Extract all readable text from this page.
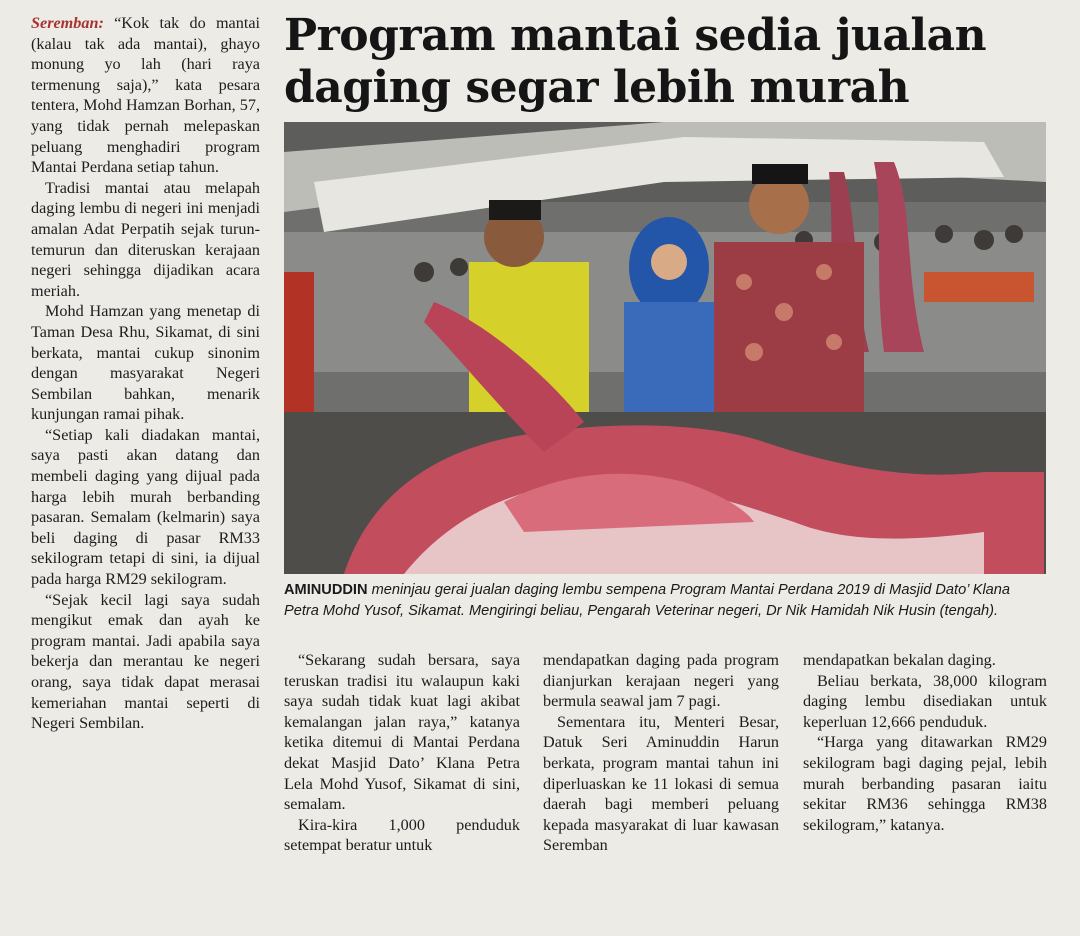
Seremban: “Kok tak do mantai (kalau tak ada mantai), ghayo monung yo lah (hari raya termenung saja),” kata pesara tentera, Mohd Hamzan Borhan, 57, yang tidak pernah melepaskan peluang menghadiri program Mantai Perdana setiap tahun.

Tradisi mantai atau melapah daging lembu di negeri ini menjadi amalan Adat Perpatih sejak turun-temurun dan diteruskan kerajaan negeri sehingga dijadikan acara meriah.

Mohd Hamzan yang menetap di Taman Desa Rhu, Sikamat, di sini berkata, mantai cukup sinonim dengan masyarakat Negeri Sembilan bahkan, menarik kunjungan ramai pihak.

“Setiap kali diadakan mantai, saya pasti akan datang dan membeli daging yang dijual pada harga lebih murah berbanding pasaran. Semalam (kelmarin) saya beli daging di pasar RM33 sekilogram tetapi di sini, ia dijual pada harga RM29 sekilogram.

“Sejak kecil lagi saya sudah mengikut emak dan ayah ke program mantai. Jadi apabila saya bekerja dan merantau ke negeri orang, saya tidak dapat merasai kemeriahan mantai seperti di Negeri Sembilan.

Program mantai sedia jualan daging segar lebih murah
AMINUDDIN meninjau gerai jualan daging lembu sempena Program Mantai Perdana 2019 di Masjid Dato’ Klana Petra Mohd Yusof, Sikamat. Mengiringi beliau, Pengarah Veterinar negeri, Dr Nik Hamidah Nik Husin (tengah).

“Sekarang sudah bersara, saya teruskan tradisi itu walaupun kaki saya sudah tidak kuat lagi akibat kemalangan jalan raya,” katanya ketika ditemui di Mantai Perdana dekat Masjid Dato’ Klana Petra Lela Mohd Yusof, Sikamat di sini, semalam.

Kira-kira 1,000 penduduk setempat beratur untuk

mendapatkan daging pada program dianjurkan kerajaan negeri yang bermula seawal jam 7 pagi.

Sementara itu, Menteri Besar, Datuk Seri Aminuddin Harun berkata, program mantai tahun ini diperluaskan ke 11 lokasi di semua daerah bagi memberi peluang kepada masyarakat di luar kawasan Seremban

mendapatkan bekalan daging.

Beliau berkata, 38,000 kilogram daging lembu disediakan untuk keperluan 12,666 penduduk.

“Harga yang ditawarkan RM29 sekilogram bagi daging pejal, lebih murah berbanding pasaran iaitu sekitar RM36 sehingga RM38 sekilogram,” katanya.
